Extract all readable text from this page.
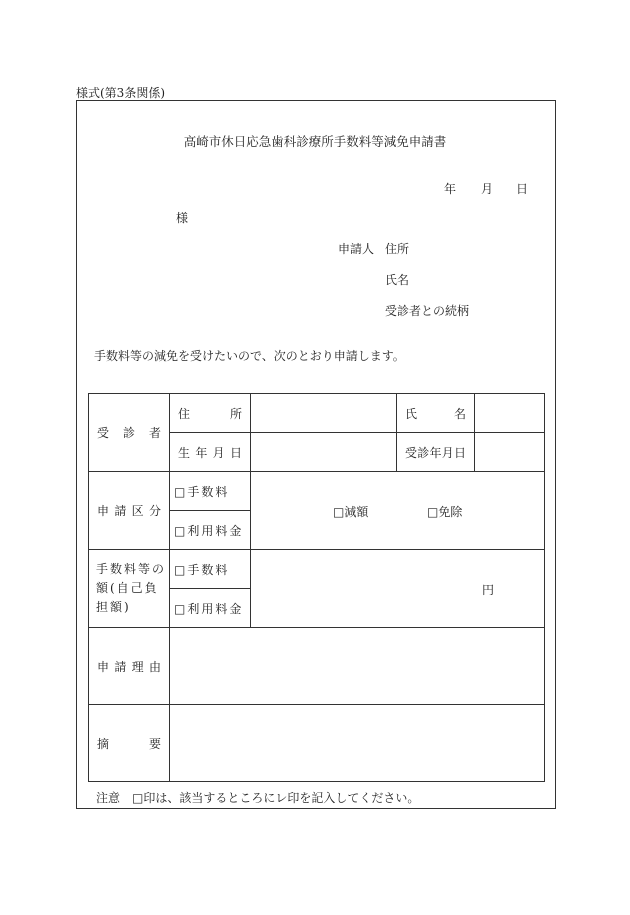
様式(第3条関係)
高崎市休日応急歯科診療所手数料等減免申請書
年 月 日
様
申請人 住所
氏名
受診者との続柄
手数料等の減免を受けたいので、次のとおり申請します。
受 診 者	住 所		氏 名	

	生 年 月 日		受 診 年 月 日	

申 請 区 分	□手数料	□減額 □免除		

	□利用料金			

手数料等の
額(自己負
担額)	□手数料	円		

	□利用料金			

申 請 理 由				

摘 要				

注意　□印は、該当するところにレ印を記入してください。
